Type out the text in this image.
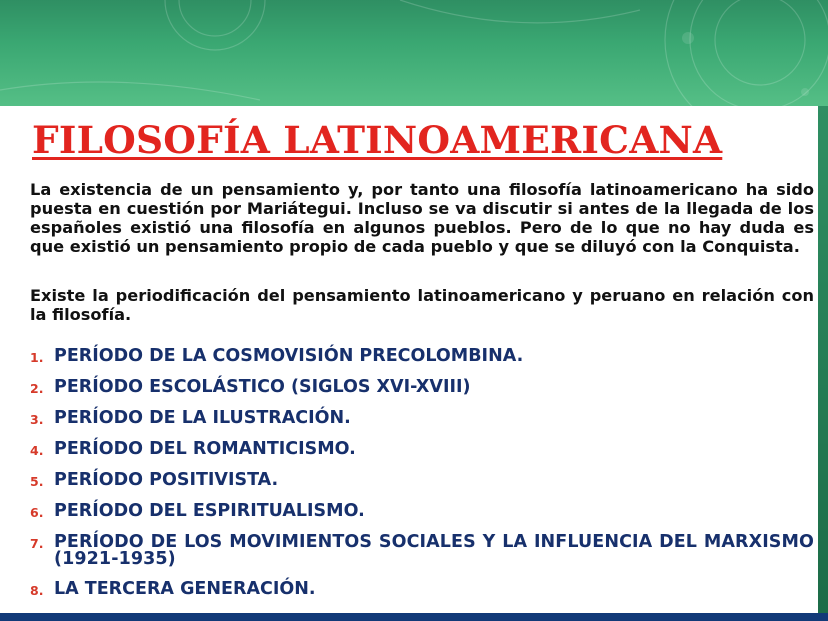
FILOSOFÍA LATINOAMERICANA

La existencia de un pensamiento y, por tanto una filosofía latinoamericano ha sido puesta en cuestión por Mariátegui. Incluso se va discutir si antes de la llegada de los españoles existió una filosofía en algunos pueblos. Pero de lo que no hay duda es que existió un pensamiento propio de cada pueblo y que se diluyó con la Conquista.

Existe la periodificación del pensamiento latinoamericano y peruano en relación con la filosofía.

1. PERÍODO DE LA COSMOVISIÓN PRECOLOMBINA.
2. PERÍODO ESCOLÁSTICO (SIGLOS XVI-XVIII)
3. PERÍODO DE LA ILUSTRACIÓN.
4. PERÍODO DEL ROMANTICISMO.
5. PERÍODO POSITIVISTA.
6. PERÍODO DEL ESPIRITUALISMO.
7. PERÍODO DE LOS MOVIMIENTOS SOCIALES Y LA INFLUENCIA DEL MARXISMO (1921-1935)
8. LA TERCERA GENERACIÓN.
